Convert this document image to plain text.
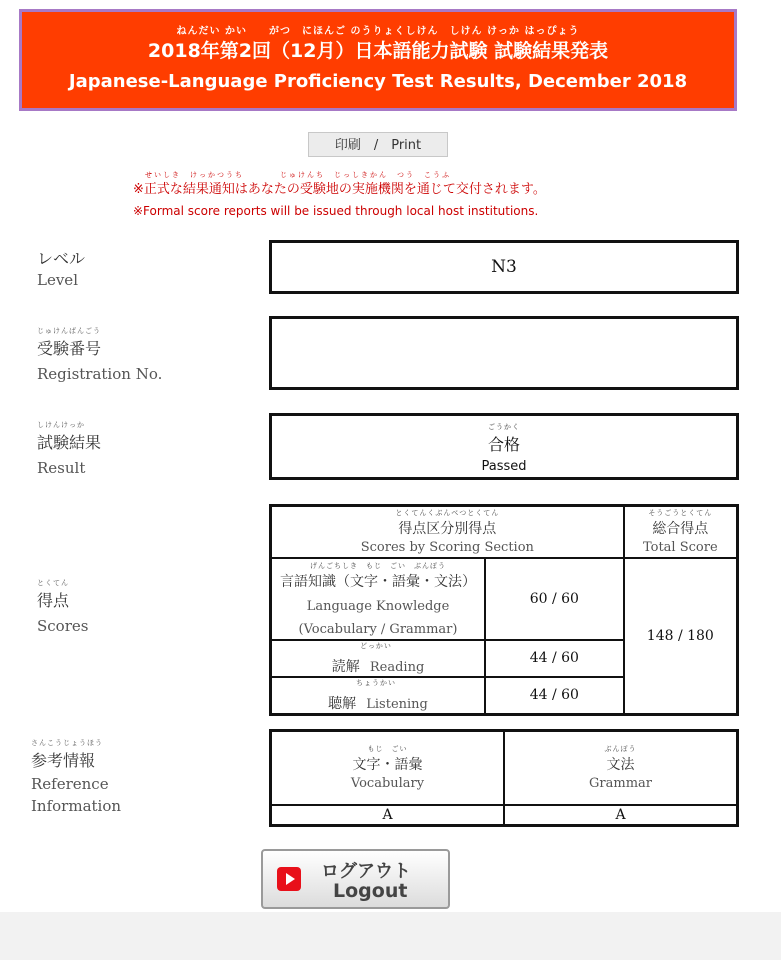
ねんだい かい　　がつ　にほんご のうりょくしけん　しけん けっか はっぴょう
2018年第2回（12月）日本語能力試験 試験結果発表
Japanese-Language Proficiency Test Results, December 2018
印刷　/　Print
せいしき　けっかつうち　　　　じゅけんち　じっしきかん　つう　こうふ
※正式な結果通知はあなたの受験地の実施機関を通じて交付されます。
※Formal score reports will be issued through local host institutions.
レベル
Level
N3
じゅけんばんごう
受験番号
Registration No.
しけんけっか
試験結果
Result
ごうかく
合格
Passed
とくてん
得点
Scores
とくてんくぶんべつとくてん
得点区分別得点
Scores by Scoring Section		そうごうとくてん
総合得点
Total Score

げんごちしき　もじ　ごい　ぶんぽう
言語知識（文字・語彙・文法）
Language Knowledge
(Vocabulary / Grammar)	60 / 60	148 / 180
どっかい
読解 Reading	44 / 60	
ちょうかい
聴解 Listening	44 / 60	
さんこうじょうほう
参考情報
Reference
Information
もじ　ごい
文字・語彙
Vocabulary	ぶんぽう
文法
Grammar

A	A
ログアウト
Logout
